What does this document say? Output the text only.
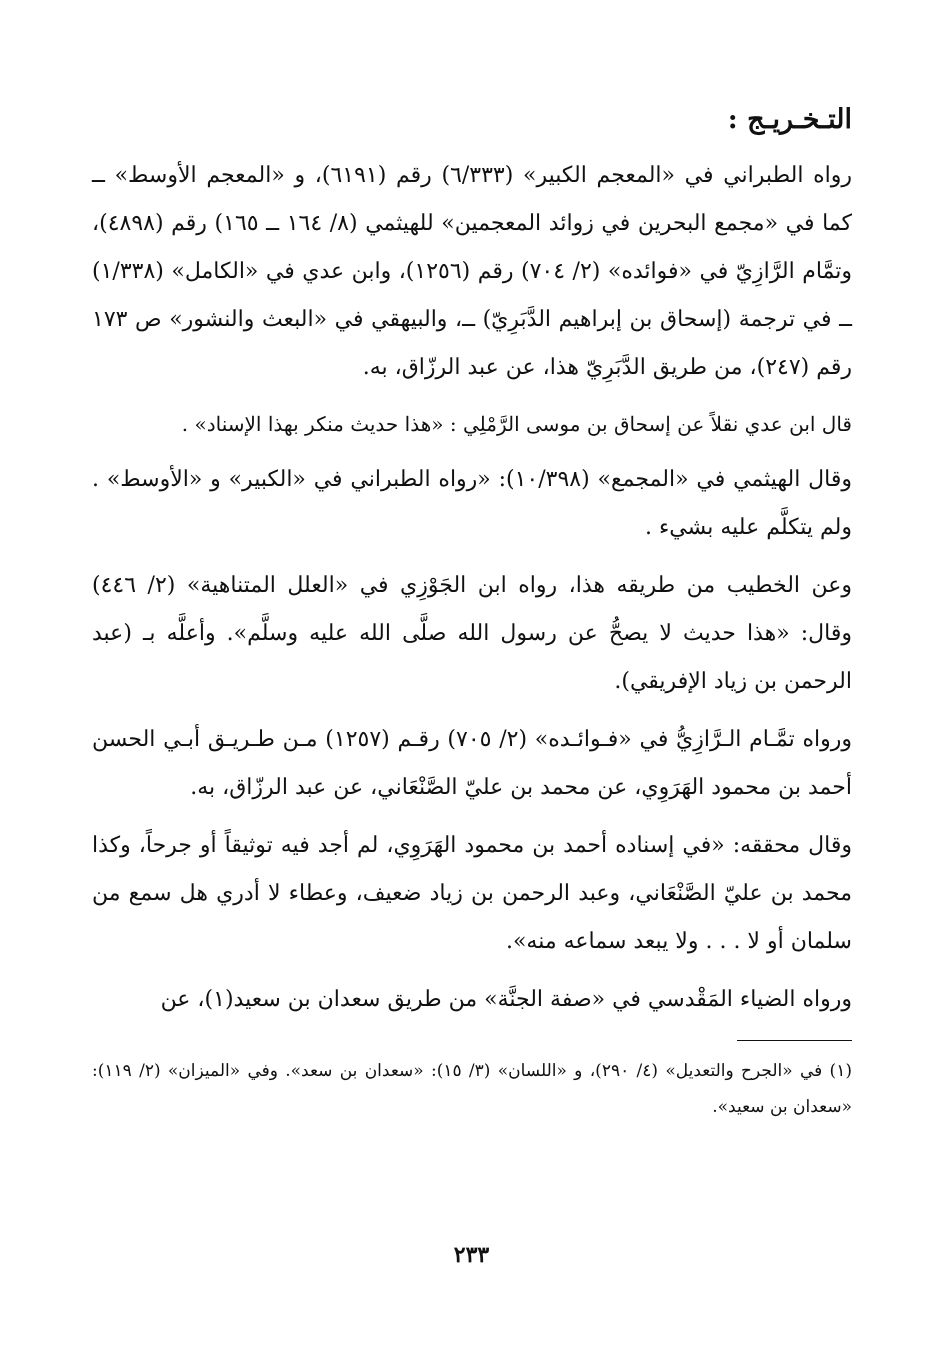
التـخـريـج :

رواه الطبراني في «المعجم الكبير» (٦/٣٣٣) رقم (٦١٩١)، و «المعجم الأوسط» ــ كما في «مجمع البحرين في زوائد المعجمين» للهيثمي (٨/ ١٦٤ ــ ١٦٥) رقم (٤٨٩٨)، وتمَّام الرَّازِيّ في «فوائده» (٢/ ٧٠٤) رقم (١٢٥٦)، وابن عدي في «الكامل» (١/٣٣٨) ــ في ترجمة (إسحاق بن إبراهيم الدَّبَرِيّ) ــ، والبيهقي في «البعث والنشور» ص ١٧٣ رقم (٢٤٧)، من طريق الدَّبَرِيّ هذا، عن عبد الرزّاق، به.

قال ابن عدي نقلاً عن إسحاق بن موسى الرَّمْلِي : «هذا حديث منكر بهذا الإسناد» .

وقال الهيثمي في «المجمع» (١٠/٣٩٨): «رواه الطبراني في «الكبير» و «الأوسط» . ولم يتكلَّم عليه بشيء .

وعن الخطيب من طريقه هذا، رواه ابن الجَوْزِي في «العلل المتناهية» (٢/ ٤٤٦) وقال: «هذا حديث لا يصحُّ عن رسول الله صلَّى الله عليه وسلَّم». وأعلَّه بـ (عبد الرحمن بن زياد الإفريقي).

ورواه تمَّـام الـرَّازِيُّ في «فـوائـده» (٢/ ٧٠٥) رقـم (١٢٥٧) مـن طـريـق أبـي الحسن أحمد بن محمود الهَرَوِي، عن محمد بن عليّ الصَّنْعَاني، عن عبد الرزّاق، به.

وقال محققه: «في إسناده أحمد بن محمود الهَرَوِي، لم أجد فيه توثيقاً أو جرحاً، وكذا محمد بن عليّ الصَّنْعَاني، وعبد الرحمن بن زياد ضعيف، وعطاء لا أدري هل سمع من سلمان أو لا . . . ولا يبعد سماعه منه».

ورواه الضياء المَقْدسي في «صفة الجنَّة» من طريق سعدان بن سعيد(١)، عن

(١) في «الجرح والتعديل» (٤/ ٢٩٠)، و «اللسان» (٣/ ١٥): «سعدان بن سعد». وفي «الميزان» (٢/ ١١٩): «سعدان بن سعيد».

٢٣٣
